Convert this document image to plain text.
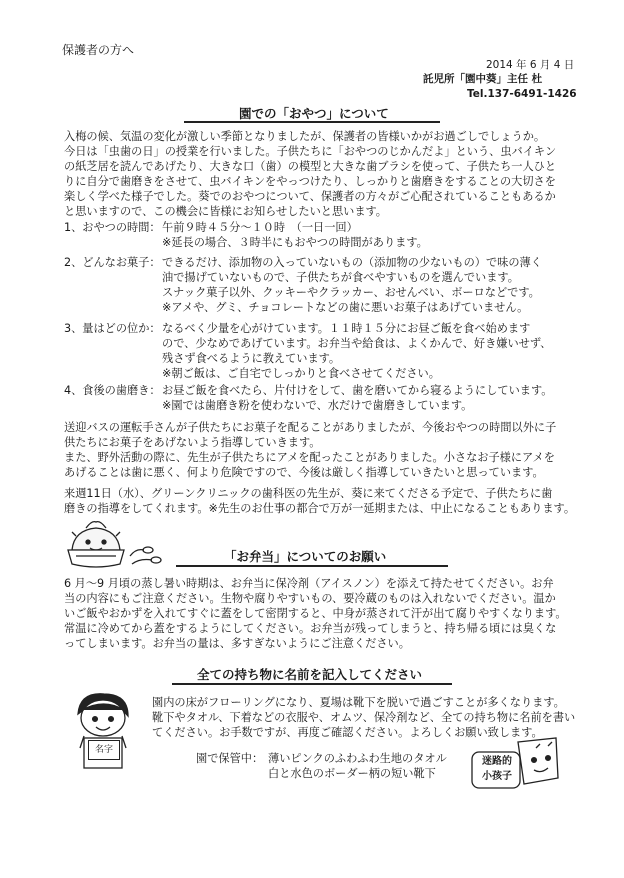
保護者の方へ
2014 年 6 月 4 日
託児所「園中葵」主任 杜
Tel.137-6491-1426
園での「おやつ」について
入梅の候、気温の変化が激しい季節となりましたが、保護者の皆様いかがお過ごしでしょうか。
今日は「虫歯の日」の授業を行いました。子供たちに「おやつのじかんだよ」という、虫バイキン
の紙芝居を読んであげたり、大きな口（歯）の模型と大きな歯ブラシを使って、子供たち一人ひと
りに自分で歯磨きをさせて、虫バイキンをやっつけたり、しっかりと歯磨きをすることの大切さを
楽しく学べた様子でした。葵でのおやつについて、保護者の方々がご心配されていることもあるか
と思いますので、この機会に皆様にお知らせしたいと思います。
1、おやつの時間： 午前９時４５分～１０時　（一日一回）
※延長の場合、３時半にもおやつの時間があります。
2、どんなお菓子： できるだけ、添加物の入っていないもの（添加物の少ないもの）で味の薄く
油で揚げていないもので、子供たちが食べやすいものを選んでいます。
スナック菓子以外、クッキーやクラッカー、おせんべい、ボーロなどです。
※アメや、グミ、チョコレートなどの歯に悪いお菓子はあげていません。
3、量はどの位か： なるべく少量を心がけています。１１時１５分にお昼ご飯を食べ始めます
ので、少なめであげています。お弁当や給食は、よくかんで、好き嫌いせず、
残さず食べるように教えています。
※朝ご飯は、ご自宅でしっかりと食べさせてください。
4、食後の歯磨き： お昼ご飯を食べたら、片付けをして、歯を磨いてから寝るようにしています。
※園では歯磨き粉を使わないで、水だけで歯磨きしています。
送迎バスの運転手さんが子供たちにお菓子を配ることがありましたが、今後おやつの時間以外に子
供たちにお菓子をあげないよう指導していきます。
また、野外活動の際に、先生が子供たちにアメを配ったことがありました。小さなお子様にアメを
あげることは歯に悪く、何より危険ですので、今後は厳しく指導していきたいと思っています。
来週11日（水）、グリーンクリニックの歯科医の先生が、葵に来てくださる予定で、子供たちに歯
磨きの指導をしてくれます。※先生のお仕事の都合で万が一延期または、中止になることもあります。
「お弁当」についてのお願い
6 月～9 月頃の蒸し暑い時期は、お弁当に保冷剤（アイスノン）を添えて持たせてください。お弁
当の内容にもご注意ください。生物や腐りやすいもの、要冷蔵のものは入れないでください。温か
いご飯やおかずを入れてすぐに蓋をして密閉すると、中身が蒸されて汗が出て腐りやすくなります。
常温に冷めてから蓋をするようにしてください。お弁当が残ってしまうと、持ち帰る頃には臭くな
ってしまいます。お弁当の量は、多すぎないようにご注意ください。
全ての持ち物に名前を記入してください
名字
園内の床がフローリングになり、夏場は靴下を脱いで過ごすことが多くなります。
靴下やタオル、下着などの衣服や、オムツ、保冷剤など、全ての持ち物に名前を書い
てください。お手数ですが、再度ご確認ください。よろしくお願い致します。
園で保管中： 薄いピンクのふわふわ生地のタオル
白と水色のボーダー柄の短い靴下
迷路的
小孩子
